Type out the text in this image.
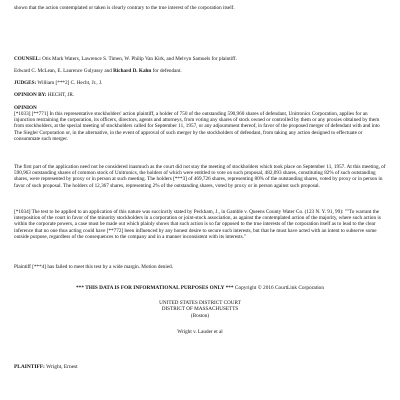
shown that the action contemplated or taken is clearly contrary to the true interest of the corporation itself.

COUNSEL: Otis Mark Waters, Lawrence S. Timen, W. Philip Van Kirk, and Melvyn Samuels for plaintiff.

Edward C. McLean, E. Laurence Gulyassy and Richard D. Kahn for defendant.

JUDGES: William [***2] C. Hecht, Jr., J.

OPINION BY: HECHT, JR.

OPINION

[*1033] [**771] In this representative stockholders' action plaintiff, a holder of 750 of the outstanding 590,960 shares of defendant, Unitronics Corporation, applies for an injunction restraining the corporation, its officers, directors, agents and attorneys, from voting any shares of stock owned or controlled by them or any proxies obtained by them from stockholders, at the special meeting of stockholders called for September 11, 1957, or any adjournment thereof, in favor of the proposed merger of defendant with and into The Siegler Corporation or, in the alternative, in the event of approval of such merger by the stockholders of defendant, from taking any action designed to effectuate or consummate such merger.

The first part of the application need not be considered inasmuch as the court did not stay the meeting of stockholders which took place on September 11, 1957. At this meeting, of 590,963 outstanding shares of common stock of Unitronics, the holders of which were entitled to vote on such proposal, 482,093 shares, constituting 82% of such outstanding shares, were represented by proxy or in person at such meeting. The holders [***3] of 469,726 shares, representing 80% of the outstanding shares, voted by proxy or in person in favor of such proposal. The holders of 12,367 shares, representing 2% of the outstanding shares, voted by proxy or in person against such proposal.

[*1034] The test to be applied to an application of this nature was succinctly stated by Peckham, J., in Gamble v. Queens County Water Co. (123 N. Y. 91, 99): ""To warrant the interposition of the court in favor of the minority stockholders in a corporation or joint-stock association, as against the contemplated action of the majority, where such action is within the corporate powers, a case must be made out which plainly shows that such action is so far opposed to the true interests of the corporation itself as to lead to the clear inference that no one thus acting could have [**772] been influenced by any honest desire to secure such interests, but that he must have acted with an intent to subserve some outside purpose, regardless of the consequences to the company and in a manner inconsistent with its interests."

Plaintiff [***4] has failed to meet this test by a wide margin. Motion denied.

*** THIS DATA IS FOR INFORMATIONAL PURPOSES ONLY *** Copyright © 2016 CourtLink Corporation

UNITED STATES DISTRICT COURT

DISTRICT OF MASSACHUSETTS

(Boston)

Wright v. Lauder et al

PLAINTIFF: Wright, Ernest
